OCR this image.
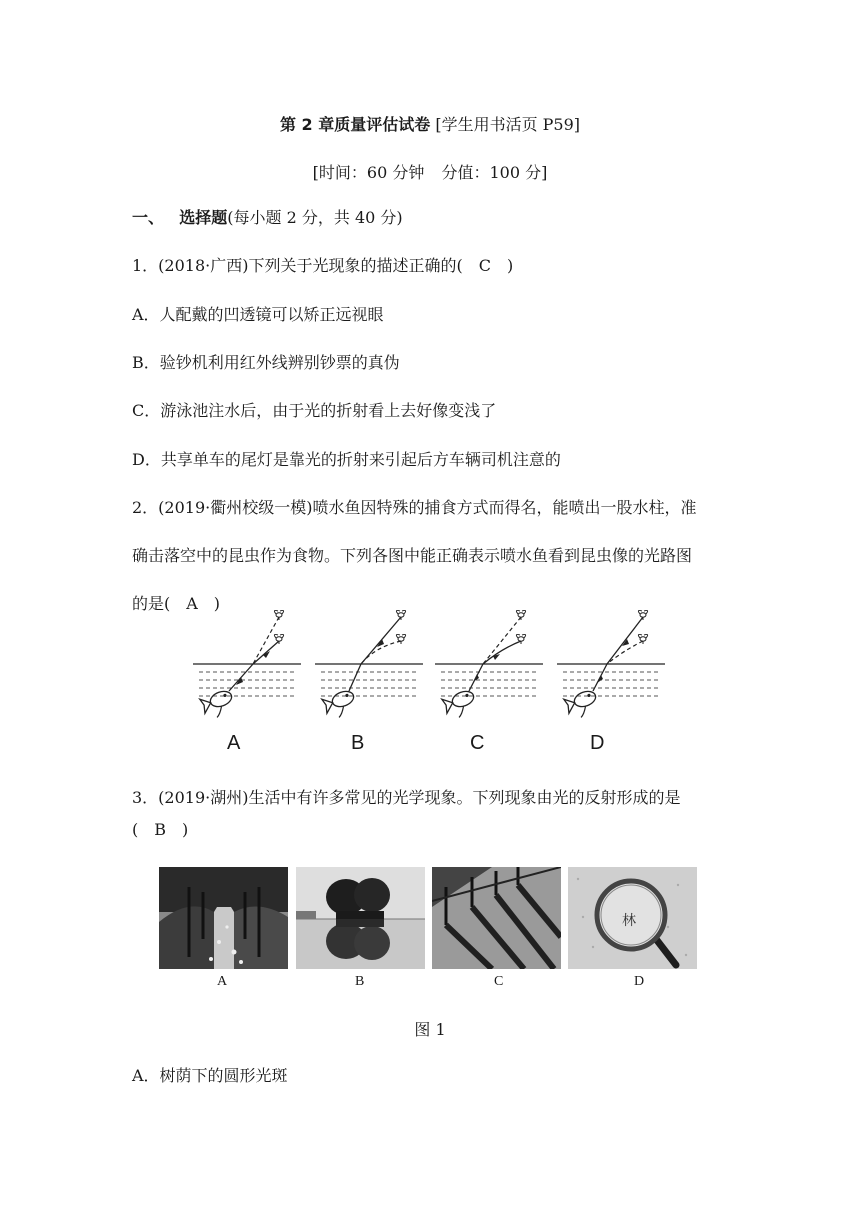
第 2 章质量评估试卷 [学生用书活页 P59]
[时间：60 分钟 分值：100 分]
一、 选择题(每小题 2 分，共 40 分)
1．(2018·广西)下列关于光现象的描述正确的(　C　)
A．人配戴的凹透镜可以矫正远视眼
B．验钞机利用红外线辨别钞票的真伪
C．游泳池注水后，由于光的折射看上去好像变浅了
D．共享单车的尾灯是靠光的折射来引起后方车辆司机注意的
2．(2019·衢州校级一模)喷水鱼因特殊的捕食方式而得名，能喷出一股水柱，准
确击落空中的昆虫作为食物。下列各图中能正确表示喷水鱼看到昆虫像的光路图
的是(　A　)
A	B	C	D
3．(2019·湖州)生活中有许多常见的光学现象。下列现象由光的反射形成的是
(　B　)
林
A	B	C	D
图 1
A．树荫下的圆形光斑
